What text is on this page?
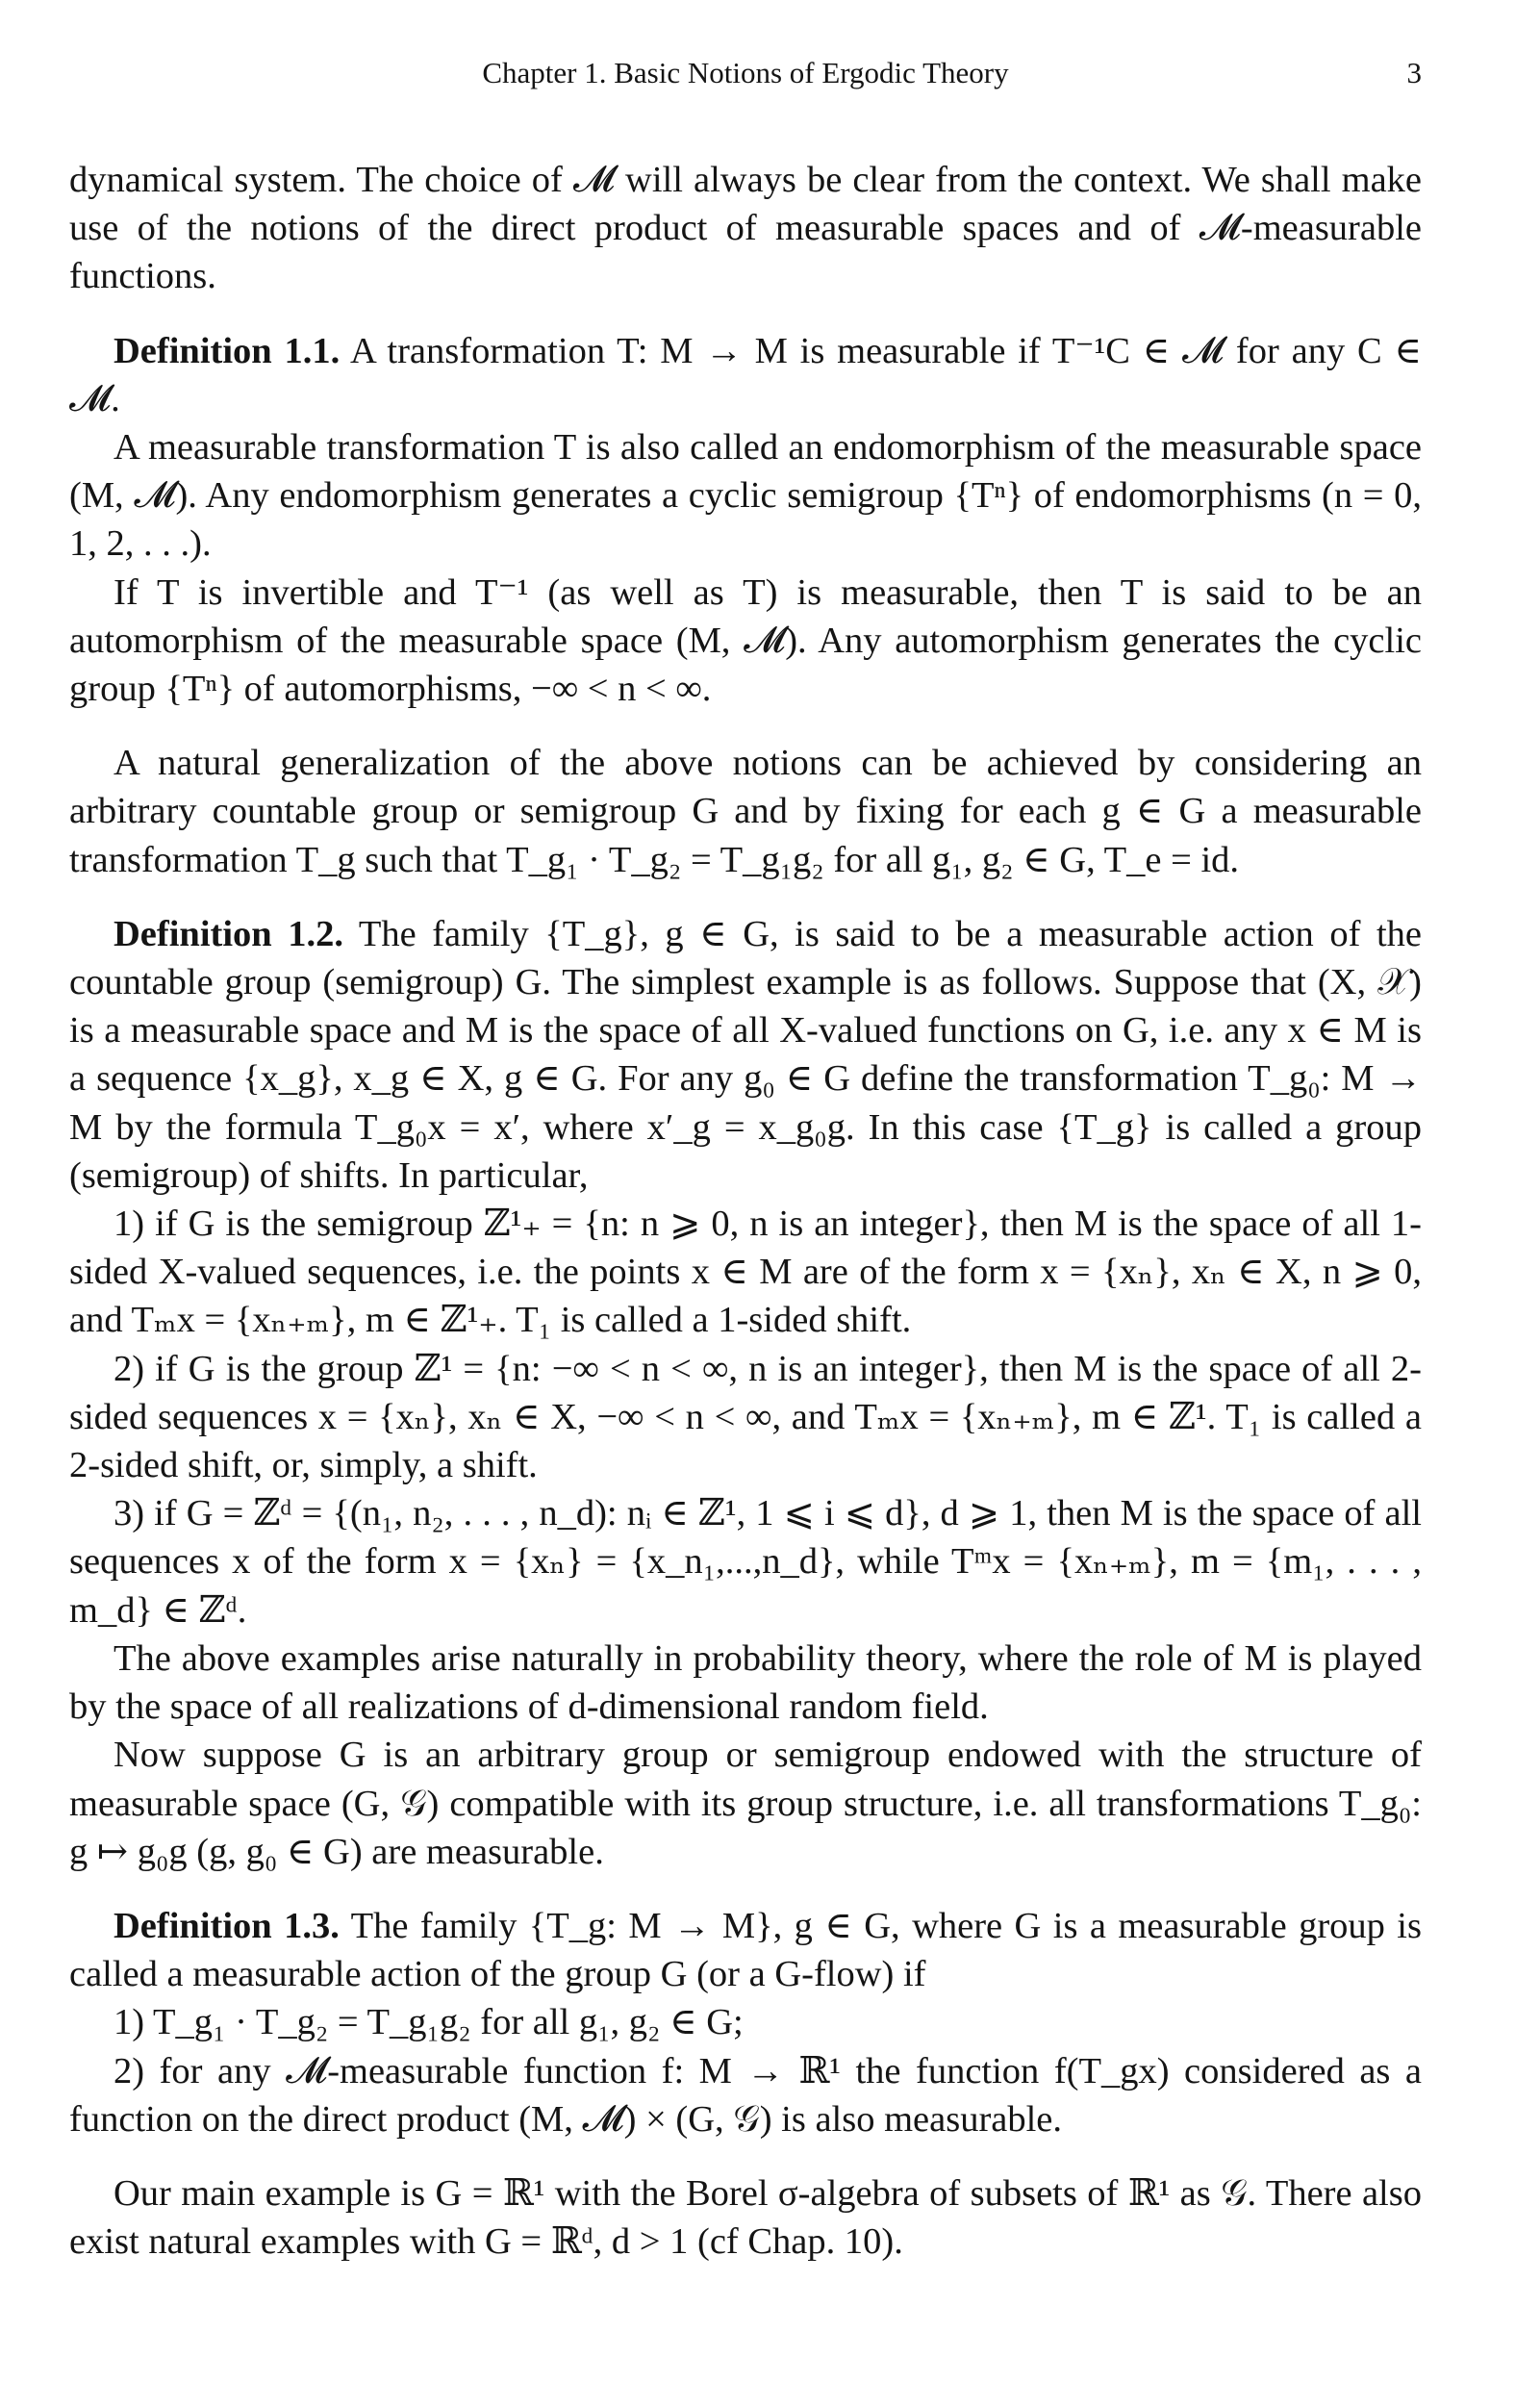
Chapter 1. Basic Notions of Ergodic Theory	3

dynamical system. The choice of 𝓜 will always be clear from the context. We shall make use of the notions of the direct product of measurable spaces and of 𝓜-measurable functions.

Definition 1.1. A transformation T: M → M is measurable if T⁻¹C ∈ 𝓜 for any C ∈ 𝓜.

A measurable transformation T is also called an endomorphism of the measurable space (M, 𝓜). Any endomorphism generates a cyclic semigroup {Tⁿ} of endomorphisms (n = 0, 1, 2, . . .).

If T is invertible and T⁻¹ (as well as T) is measurable, then T is said to be an automorphism of the measurable space (M, 𝓜). Any automorphism generates the cyclic group {Tⁿ} of automorphisms, −∞ < n < ∞.

A natural generalization of the above notions can be achieved by considering an arbitrary countable group or semigroup G and by fixing for each g ∈ G a measurable transformation T_g such that T_g₁ · T_g₂ = T_g₁g₂ for all g₁, g₂ ∈ G, T_e = id.

Definition 1.2. The family {T_g}, g ∈ G, is said to be a measurable action of the countable group (semigroup) G. The simplest example is as follows. Suppose that (X, 𝒳) is a measurable space and M is the space of all X-valued functions on G, i.e. any x ∈ M is a sequence {x_g}, x_g ∈ X, g ∈ G. For any g₀ ∈ G define the transformation T_g₀: M → M by the formula T_g₀x = x′, where x′_g = x_g₀g. In this case {T_g} is called a group (semigroup) of shifts. In particular,

1) if G is the semigroup ℤ¹₊ = {n: n ⩾ 0, n is an integer}, then M is the space of all 1-sided X-valued sequences, i.e. the points x ∈ M are of the form x = {xₙ}, xₙ ∈ X, n ⩾ 0, and Tₘx = {xₙ₊ₘ}, m ∈ ℤ¹₊. T₁ is called a 1-sided shift.

2) if G is the group ℤ¹ = {n: −∞ < n < ∞, n is an integer}, then M is the space of all 2-sided sequences x = {xₙ}, xₙ ∈ X, −∞ < n < ∞, and Tₘx = {xₙ₊ₘ}, m ∈ ℤ¹. T₁ is called a 2-sided shift, or, simply, a shift.

3) if G = ℤᵈ = {(n₁, n₂, . . . , n_d): nᵢ ∈ ℤ¹, 1 ⩽ i ⩽ d}, d ⩾ 1, then M is the space of all sequences x of the form x = {xₙ} = {x_n₁,...,n_d}, while Tᵐx = {xₙ₊ₘ}, m = {m₁, . . . , m_d} ∈ ℤᵈ.

The above examples arise naturally in probability theory, where the role of M is played by the space of all realizations of d-dimensional random field.

Now suppose G is an arbitrary group or semigroup endowed with the structure of measurable space (G, 𝒢) compatible with its group structure, i.e. all transformations T_g₀: g ↦ g₀g (g, g₀ ∈ G) are measurable.

Definition 1.3. The family {T_g: M → M}, g ∈ G, where G is a measurable group is called a measurable action of the group G (or a G-flow) if

1) T_g₁ · T_g₂ = T_g₁g₂ for all g₁, g₂ ∈ G;

2) for any 𝓜-measurable function f: M → ℝ¹ the function f(T_gx) considered as a function on the direct product (M, 𝓜) × (G, 𝒢) is also measurable.

Our main example is G = ℝ¹ with the Borel σ-algebra of subsets of ℝ¹ as 𝒢. There also exist natural examples with G = ℝᵈ, d > 1 (cf Chap. 10).
